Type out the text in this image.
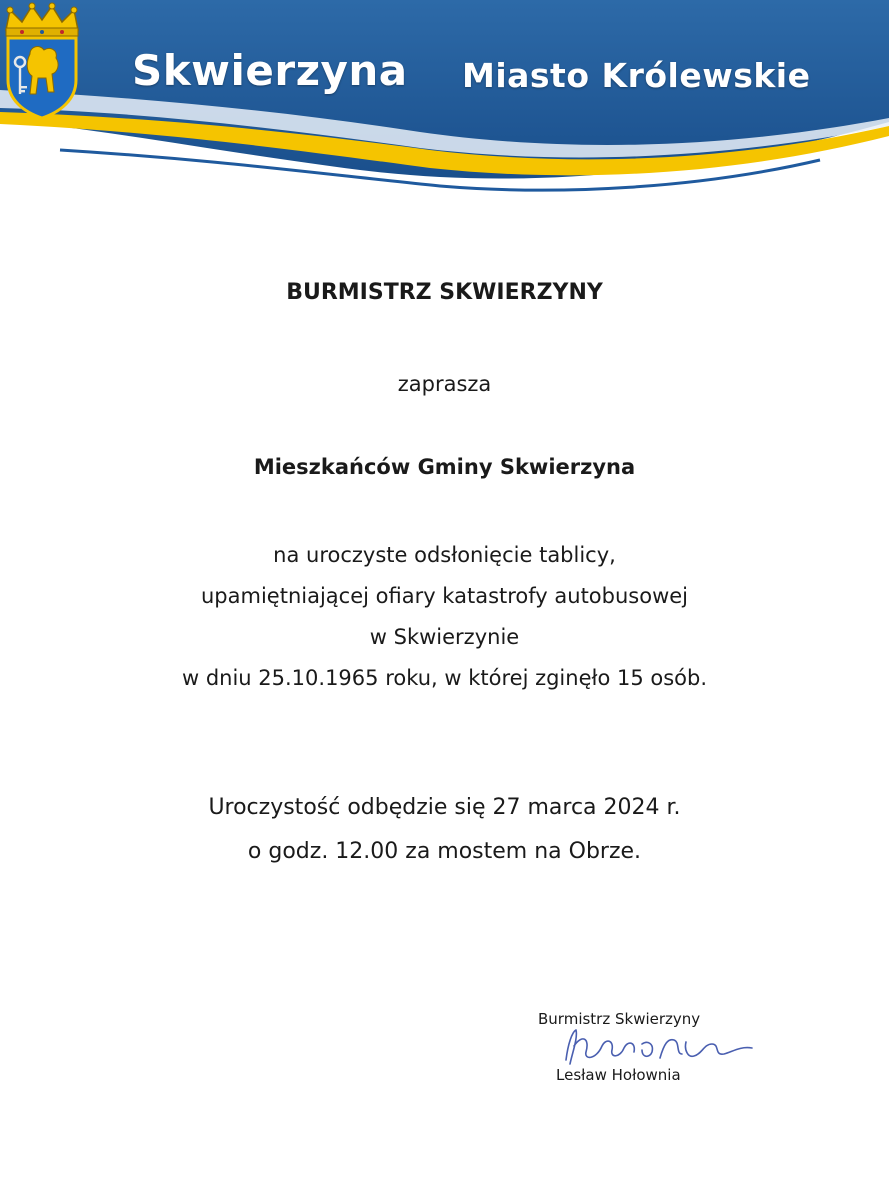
Skwierzyna Miasto Królewskie
BURMISTRZ SKWIERZYNY
zaprasza
Mieszkańców Gminy Skwierzyna
na uroczyste odsłonięcie tablicy,
upamiętniającej ofiary katastrofy autobusowej
w Skwierzynie
w dniu 25.10.1965 roku, w której zginęło 15 osób.
Uroczystość odbędzie się 27 marca 2024 r.
o godz. 12.00 za mostem na Obrze.
Burmistrz Skwierzyny
Lesław Hołownia
